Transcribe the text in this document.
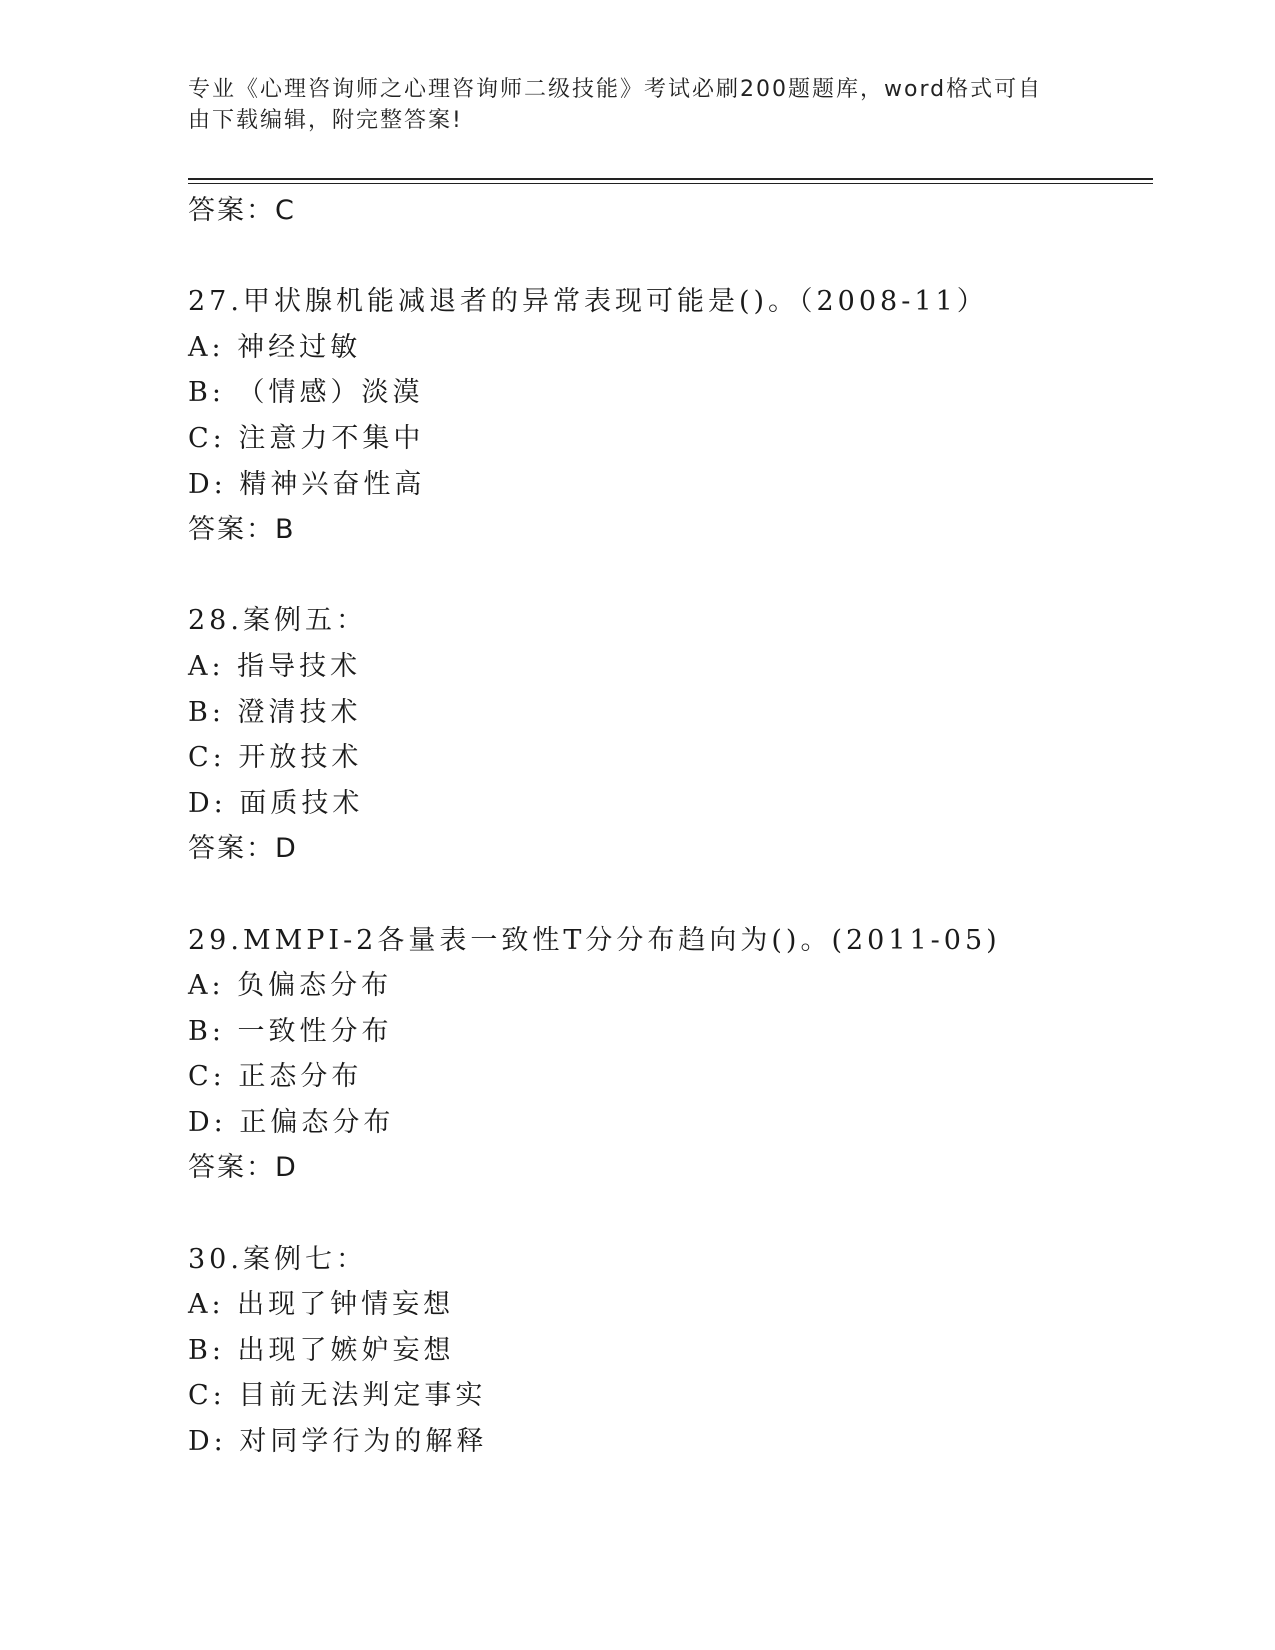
专业《心理咨询师之心理咨询师二级技能》考试必刷200题题库，word格式可自
由下载编辑，附完整答案!
答案：C
27.甲状腺机能减退者的异常表现可能是()。（2008-11）
A: 神经过敏
B: （情感）淡漠
C: 注意力不集中
D: 精神兴奋性高
答案：B
28.案例五：
A: 指导技术
B: 澄清技术
C: 开放技术
D: 面质技术
答案：D
29.MMPI-2各量表一致性T分分布趋向为()。(2011-05)
A: 负偏态分布
B: 一致性分布
C: 正态分布
D: 正偏态分布
答案：D
30.案例七：
A: 出现了钟情妄想
B: 出现了嫉妒妄想
C: 目前无法判定事实
D: 对同学行为的解释
